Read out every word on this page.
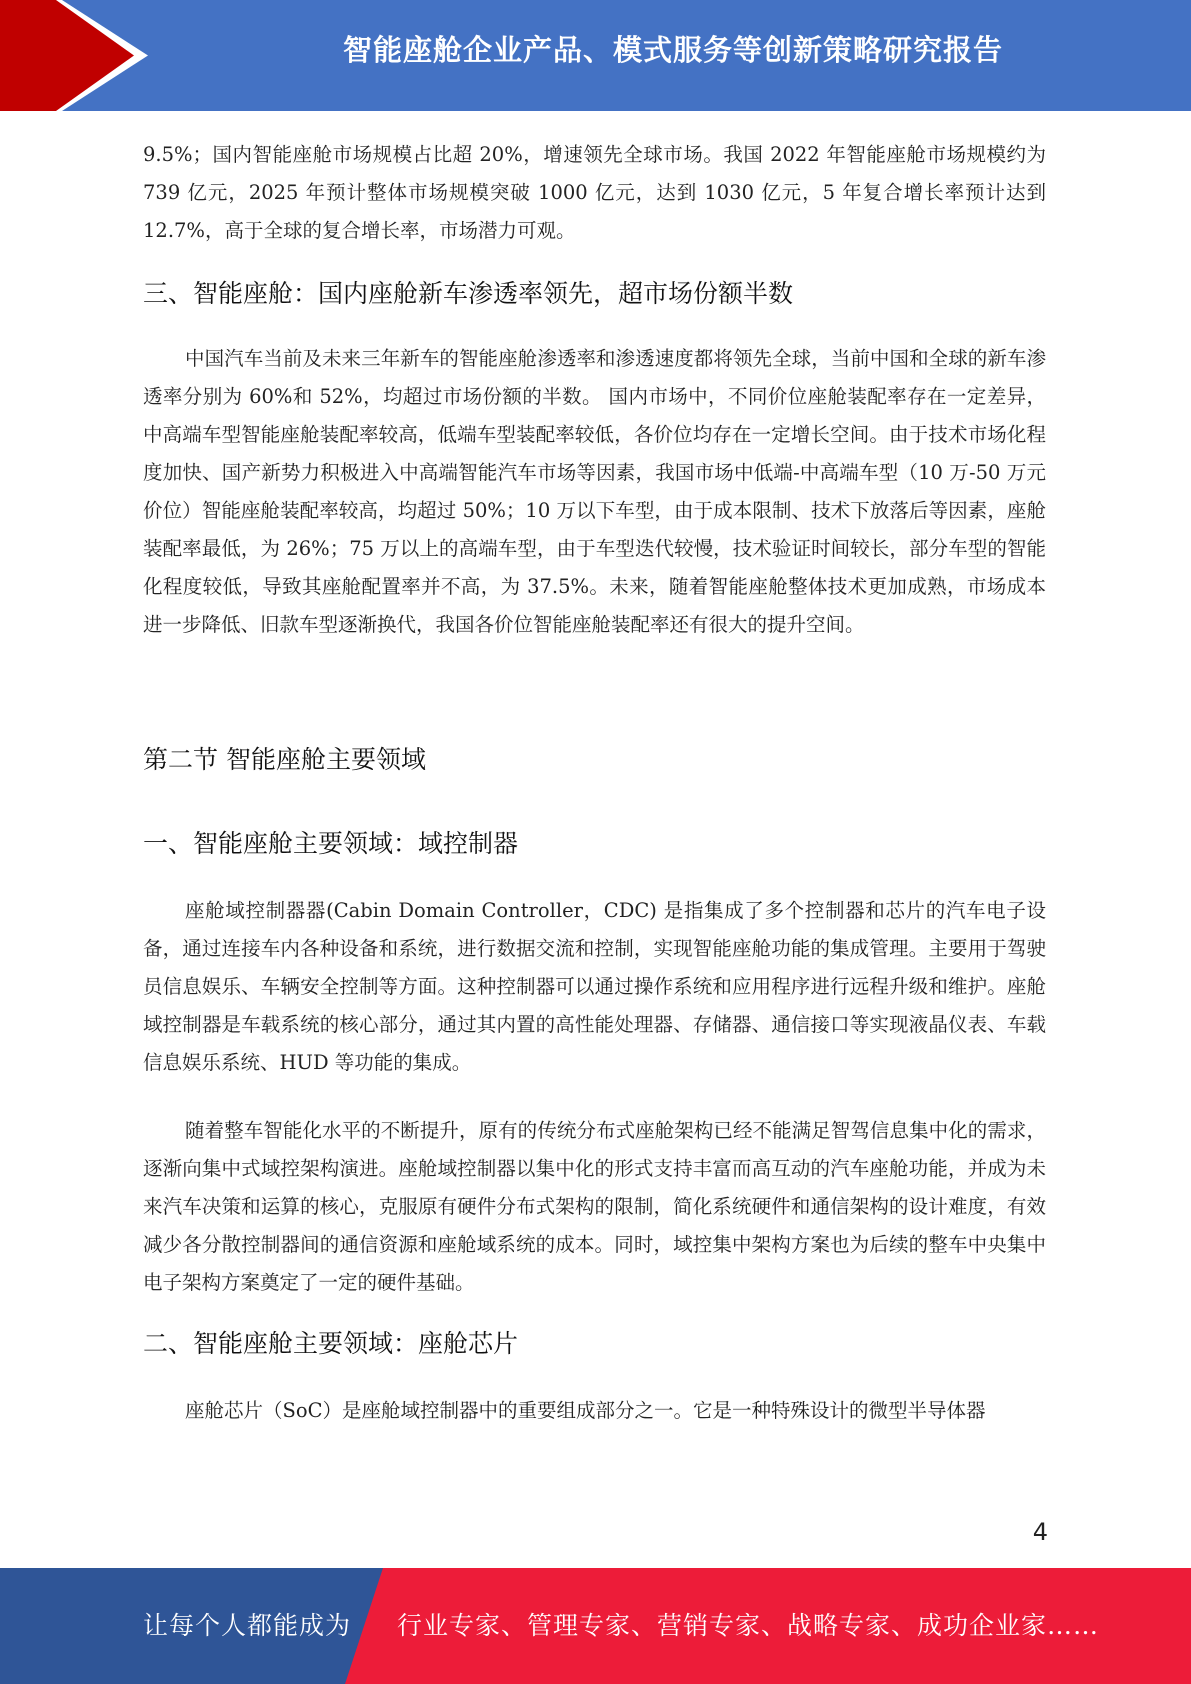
智能座舱企业产品、模式服务等创新策略研究报告

9.5%；国内智能座舱市场规模占比超 20%，增速领先全球市场。我国 2022 年智能座舱市场规模约为 739 亿元，2025 年预计整体市场规模突破 1000 亿元，达到 1030 亿元，5 年复合增长率预计达到 12.7%，高于全球的复合增长率，市场潜力可观。

三、智能座舱：国内座舱新车渗透率领先，超市场份额半数

中国汽车当前及未来三年新车的智能座舱渗透率和渗透速度都将领先全球，当前中国和全球的新车渗透率分别为 60%和 52%，均超过市场份额的半数。 国内市场中，不同价位座舱装配率存在一定差异，中高端车型智能座舱装配率较高，低端车型装配率较低，各价位均存在一定增长空间。由于技术市场化程度加快、国产新势力积极进入中高端智能汽车市场等因素，我国市场中低端-中高端车型（10 万-50 万元价位）智能座舱装配率较高，均超过 50%；10 万以下车型，由于成本限制、技术下放落后等因素，座舱装配率最低，为 26%；75 万以上的高端车型，由于车型迭代较慢，技术验证时间较长，部分车型的智能化程度较低，导致其座舱配置率并不高，为 37.5%。未来，随着智能座舱整体技术更加成熟，市场成本进一步降低、旧款车型逐渐换代，我国各价位智能座舱装配率还有很大的提升空间。

第二节 智能座舱主要领域
一、智能座舱主要领域：域控制器

座舱域控制器器(Cabin Domain Controller，CDC) 是指集成了多个控制器和芯片的汽车电子设备，通过连接车内各种设备和系统，进行数据交流和控制，实现智能座舱功能的集成管理。主要用于驾驶员信息娱乐、车辆安全控制等方面。这种控制器可以通过操作系统和应用程序进行远程升级和维护。座舱域控制器是车载系统的核心部分，通过其内置的高性能处理器、存储器、通信接口等实现液晶仪表、车载信息娱乐系统、HUD 等功能的集成。

随着整车智能化水平的不断提升，原有的传统分布式座舱架构已经不能满足智驾信息集中化的需求，逐渐向集中式域控架构演进。座舱域控制器以集中化的形式支持丰富而高互动的汽车座舱功能，并成为未来汽车决策和运算的核心，克服原有硬件分布式架构的限制，简化系统硬件和通信架构的设计难度，有效减少各分散控制器间的通信资源和座舱域系统的成本。同时，域控集中架构方案也为后续的整车中央集中电子架构方案奠定了一定的硬件基础。

二、智能座舱主要领域：座舱芯片

座舱芯片（SoC）是座舱域控制器中的重要组成部分之一。它是一种特殊设计的微型半导体器

4
让每个人都能成为 行业专家、管理专家、营销专家、战略专家、成功企业家……
